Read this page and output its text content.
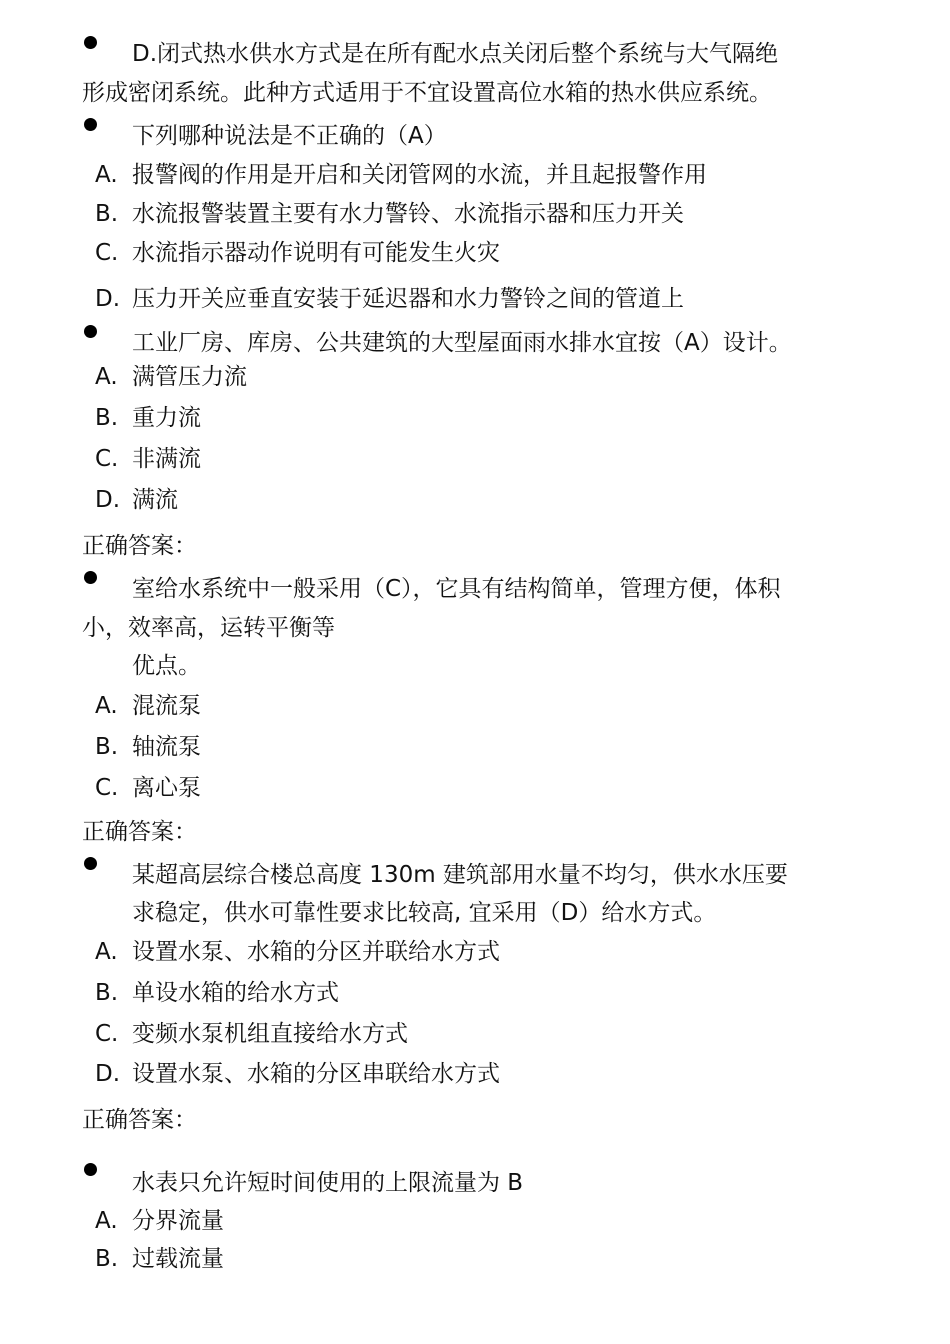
D.闭式热水供水方式是在所有配水点关闭后整个系统与大气隔绝
形成密闭系统。此种方式适用于不宜设置高位水箱的热水供应系统。
下列哪种说法是不正确的（A）
A. 报警阀的作用是开启和关闭管网的水流，并且起报警作用
B. 水流报警装置主要有水力警铃、水流指示器和压力开关
C. 水流指示器动作说明有可能发生火灾
D. 压力开关应垂直安装于延迟器和水力警铃之间的管道上
工业厂房、库房、公共建筑的大型屋面雨水排水宜按（A）设计。
A. 满管压力流
B. 重力流
C. 非满流
D. 满流
正确答案：
室给水系统中一般采用（C），它具有结构简单，管理方便，体积
小，效率高，运转平衡等
优点。
A. 混流泵
B. 轴流泵
C. 离心泵
正确答案：
某超高层综合楼总高度 130m 建筑部用水量不均匀，供水水压要
求稳定，供水可靠性要求比较高, 宜采用（D）给水方式。
A. 设置水泵、水箱的分区并联给水方式
B. 单设水箱的给水方式
C. 变频水泵机组直接给水方式
D. 设置水泵、水箱的分区串联给水方式
正确答案：
水表只允许短时间使用的上限流量为 B
A. 分界流量
B. 过载流量
